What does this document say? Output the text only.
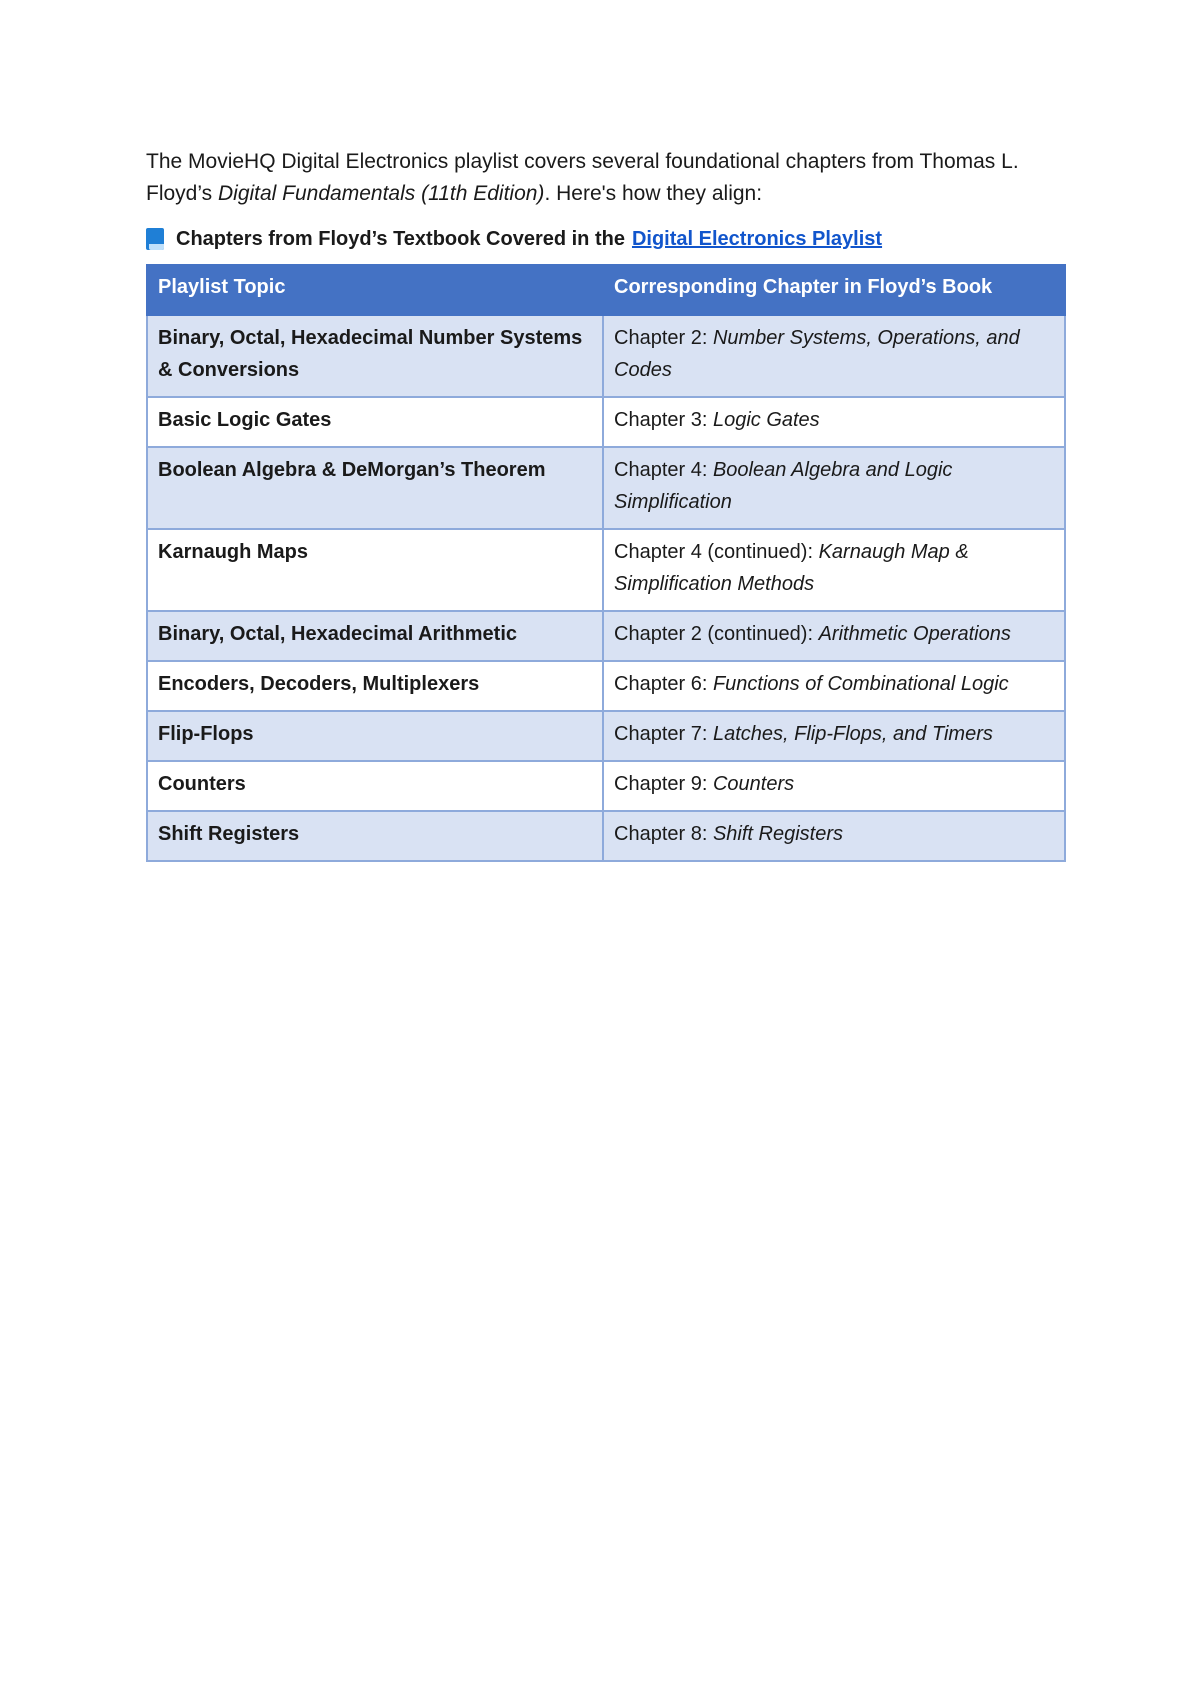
The MovieHQ Digital Electronics playlist covers several foundational chapters from Thomas L. Floyd’s Digital Fundamentals (11th Edition). Here's how they align:

Chapters from Floyd’s Textbook Covered in the Digital Electronics Playlist
Playlist Topic	Corresponding Chapter in Floyd’s Book
Binary, Octal, Hexadecimal Number Systems & Conversions	Chapter 2: Number Systems, Operations, and Codes
Basic Logic Gates	Chapter 3: Logic Gates
Boolean Algebra & DeMorgan’s Theorem	Chapter 4: Boolean Algebra and Logic Simplification
Karnaugh Maps	Chapter 4 (continued): Karnaugh Map & Simplification Methods
Binary, Octal, Hexadecimal Arithmetic	Chapter 2 (continued): Arithmetic Operations
Encoders, Decoders, Multiplexers	Chapter 6: Functions of Combinational Logic
Flip-Flops	Chapter 7: Latches, Flip-Flops, and Timers
Counters	Chapter 9: Counters
Shift Registers	Chapter 8: Shift Registers
